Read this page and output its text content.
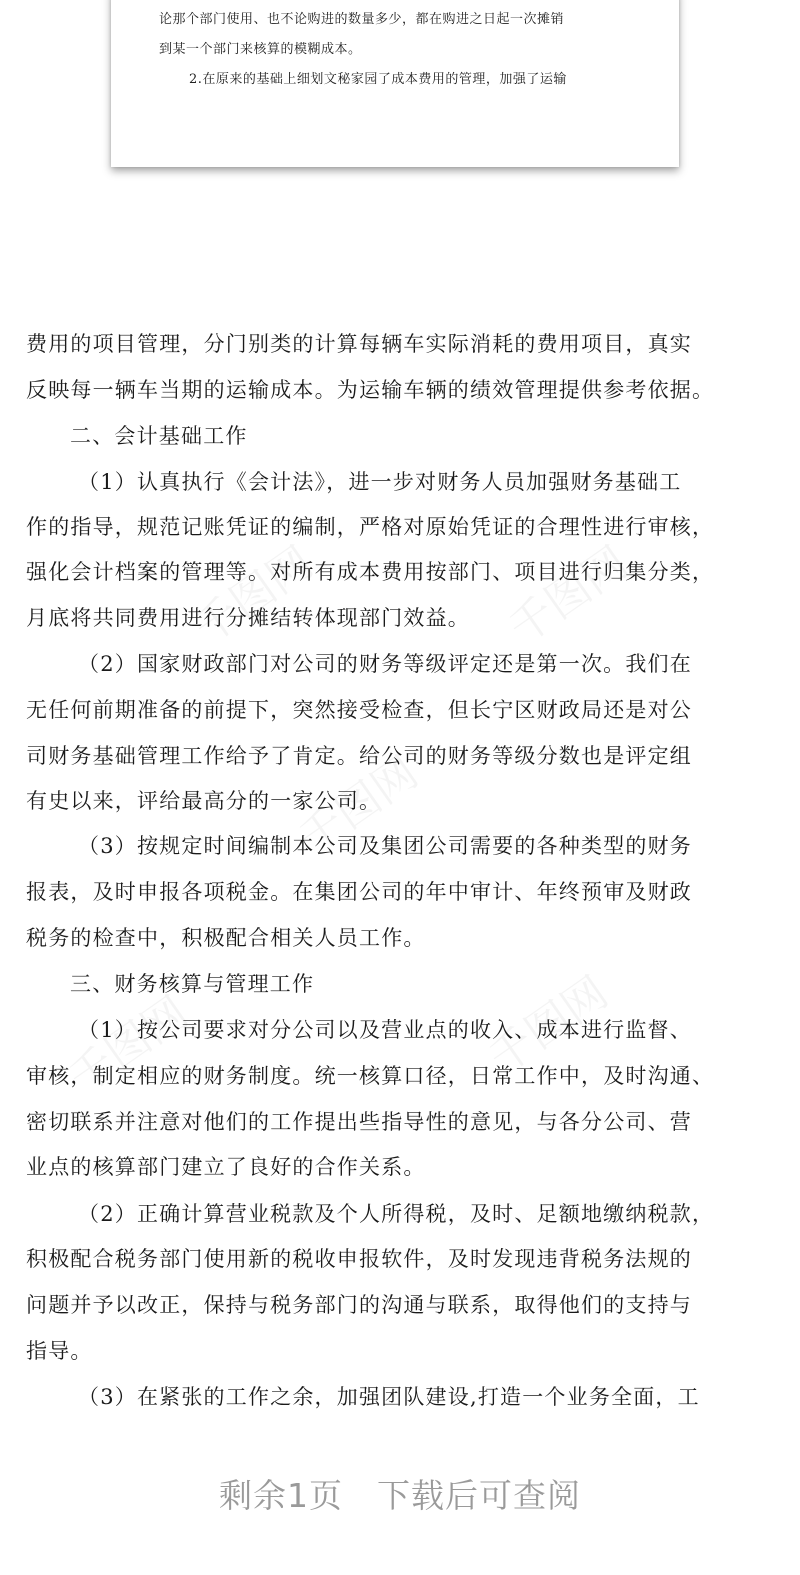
论那个部门使用、也不论购进的数量多少，都在购进之日起一次摊销
到某一个部门来核算的模糊成本。
2.在原来的基础上细划文秘家园了成本费用的管理，加强了运输
费用的项目管理，分门别类的计算每辆车实际消耗的费用项目，真实
反映每一辆车当期的运输成本。为运输车辆的绩效管理提供参考依据。
二、会计基础工作
（1）认真执行《会计法》，进一步对财务人员加强财务基础工
作的指导，规范记账凭证的编制，严格对原始凭证的合理性进行审核，
强化会计档案的管理等。对所有成本费用按部门、项目进行归集分类，
月底将共同费用进行分摊结转体现部门效益。
（2）国家财政部门对公司的财务等级评定还是第一次。我们在
无任何前期准备的前提下，突然接受检查，但长宁区财政局还是对公
司财务基础管理工作给予了肯定。给公司的财务等级分数也是评定组
有史以来，评给最高分的一家公司。
（3）按规定时间编制本公司及集团公司需要的各种类型的财务
报表，及时申报各项税金。在集团公司的年中审计、年终预审及财政
税务的检查中，积极配合相关人员工作。
三、财务核算与管理工作
（1）按公司要求对分公司以及营业点的收入、成本进行监督、
审核，制定相应的财务制度。统一核算口径，日常工作中，及时沟通、
密切联系并注意对他们的工作提出些指导性的意见，与各分公司、营
业点的核算部门建立了良好的合作关系。
（2）正确计算营业税款及个人所得税，及时、足额地缴纳税款，
积极配合税务部门使用新的税收申报软件，及时发现违背税务法规的
问题并予以改正，保持与税务部门的沟通与联系，取得他们的支持与
指导。
（3）在紧张的工作之余，加强团队建设,打造一个业务全面，工
剩余1页　下载后可查阅
